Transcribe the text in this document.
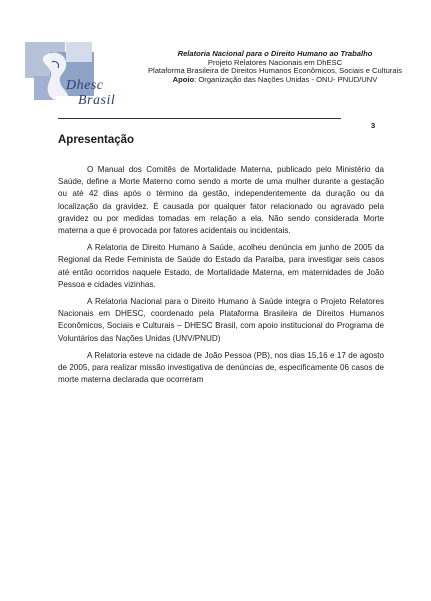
Dhesc
Brasil
Relatoria Nacional para o Direito Humano ao Trabalho
Projeto Relatores Nacionais em DhESC
Plataforma Brasileira de Direitos Humanos Econômicos, Sociais e Culturais
Apoio: Organização das Nações Unidas - ONU- PNUD/UNV
3
Apresentação

O Manual dos Comitês de Mortalidade Materna, publicado pelo Ministério da Saúde, define a Morte Materno como sendo a morte de uma mulher durante a gestação ou até 42 dias após o término da gestão, independentemente da duração ou da localização da gravidez. É causada por qualquer fator relacionado ou agravado pela gravidez ou por medidas tomadas em relação a ela. Não sendo considerada Morte materna a que é provocada por fatores acidentais ou incidentais.

A Relatoria de Direito Humano à Saúde, acolheu denúncia em junho de 2005 da Regional da Rede Feminista de Saúde do Estado da Paraíba, para investigar seis casos até então ocorridos naquele Estado, de Mortalidade Materna, em maternidades de João Pessoa e cidades vizinhas.

A Relatoria Nacional para o Direito Humano à Saúde integra o Projeto Relatores Nacionais em DHESC, coordenado pela Plataforma Brasileira de Direitos Humanos Econômicos, Sociais e Culturais – DHESC Brasil, com apoio institucional do Programa de Voluntários das Nações Unidas (UNV/PNUD)

A Relatoria esteve na cidade de João Pessoa (PB), nos dias 15,16 e 17 de agosto de 2005, para realizar missão investigativa de denúncias de, especificamente 06 casos de morte materna declarada que ocorreram
